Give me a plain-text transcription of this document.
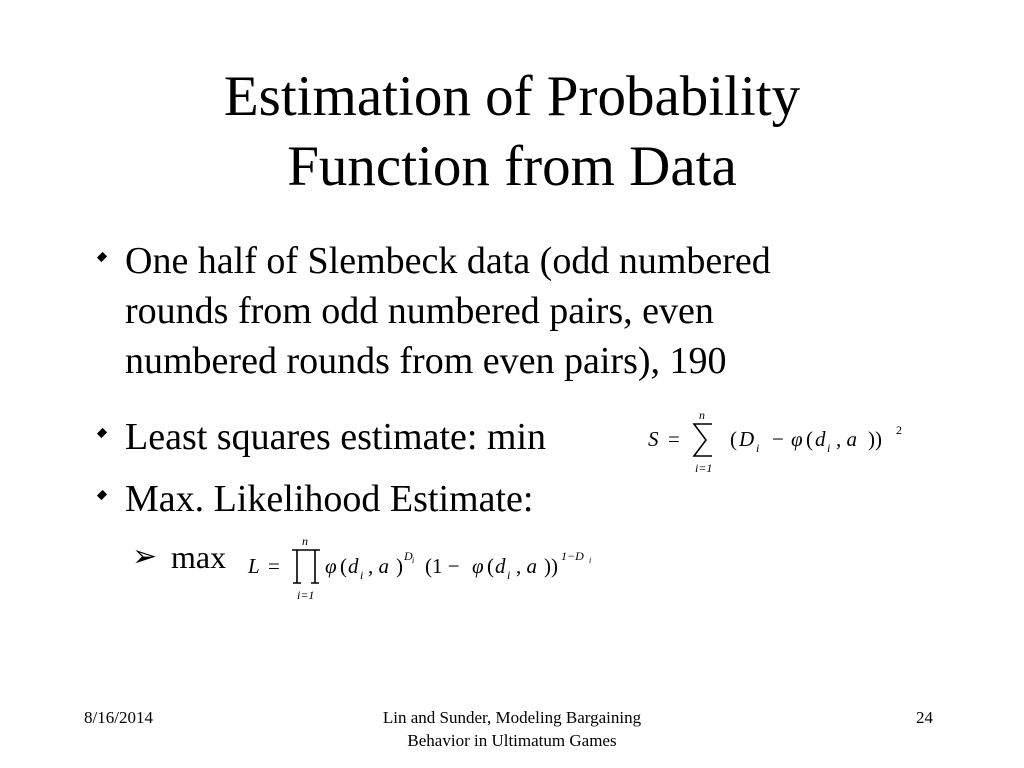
Estimation of Probability
Function from Data
One half of Slembeck data (odd numbered
rounds from odd numbered pairs, even
numbered rounds from even pairs), 190
Least squares estimate: min	S =
n
i=1
( D i − φ ( d i , a )) 2
Max. Likelihood Estimate:
➢ max L =
n
i=1
φ ( d i , a ) D i (1 − φ ( d i , a )) 1−D i
8/16/2014	Lin and Sunder, Modeling Bargaining
Behavior in Ultimatum Games
24
